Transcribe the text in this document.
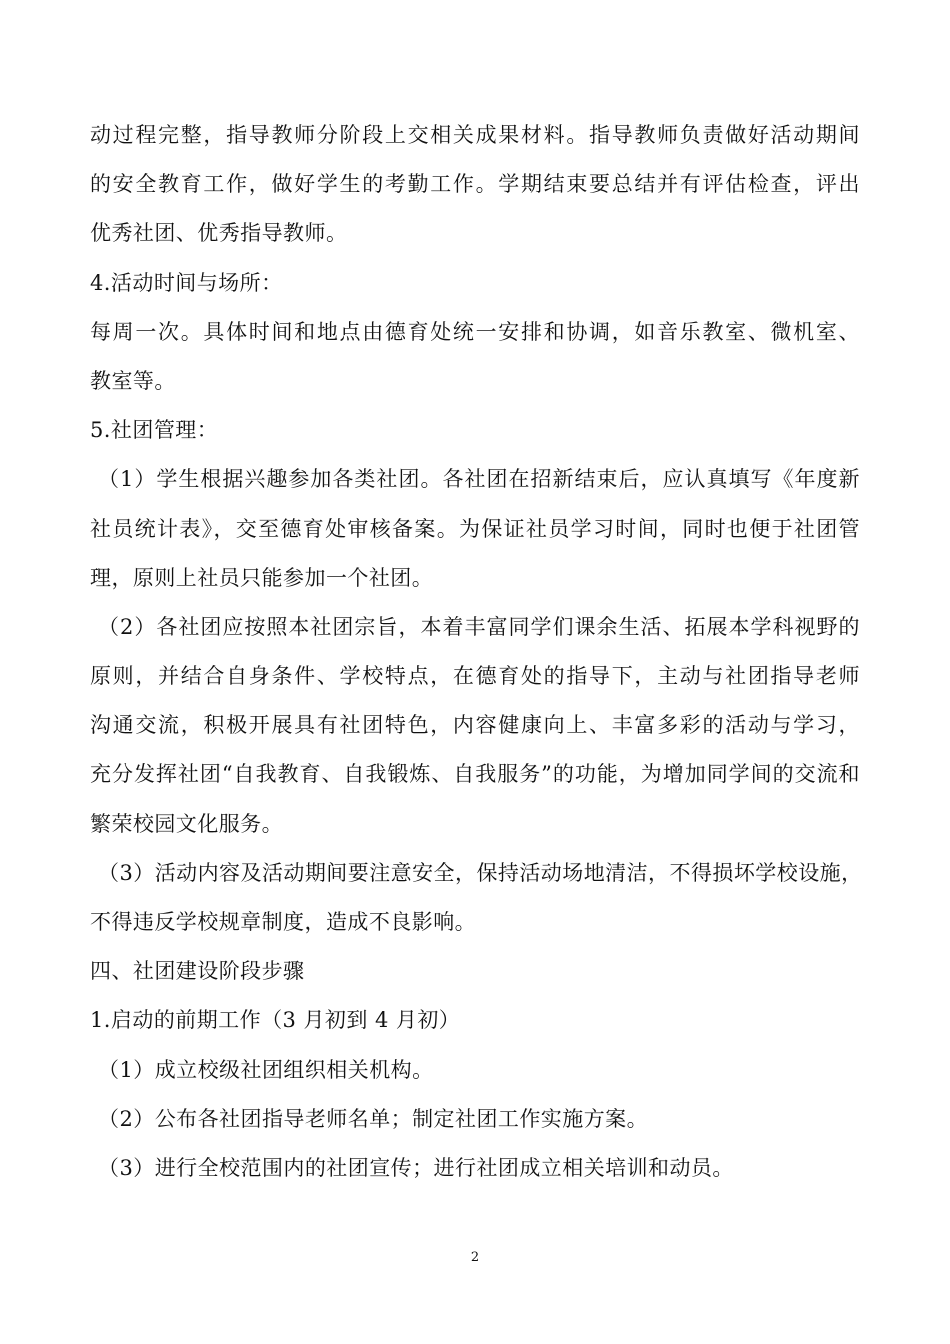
动过程完整，指导教师分阶段上交相关成果材料。指导教师负责做好活动期间
的安全教育工作，做好学生的考勤工作。学期结束要总结并有评估检查，评出
优秀社团、优秀指导教师。
4.活动时间与场所：
每周一次。具体时间和地点由德育处统一安排和协调，如音乐教室、微机室、
教室等。
5.社团管理：
（1）学生根据兴趣参加各类社团。各社团在招新结束后，应认真填写《年度新
社员统计表》，交至德育处审核备案。为保证社员学习时间，同时也便于社团管
理，原则上社员只能参加一个社团。
（2）各社团应按照本社团宗旨，本着丰富同学们课余生活、拓展本学科视野的
原则，并结合自身条件、学校特点，在德育处的指导下，主动与社团指导老师
沟通交流，积极开展具有社团特色，内容健康向上、丰富多彩的活动与学习，
充分发挥社团“自我教育、自我锻炼、自我服务”的功能，为增加同学间的交流和
繁荣校园文化服务。
（3）活动内容及活动期间要注意安全，保持活动场地清洁，不得损坏学校设施，
不得违反学校规章制度，造成不良影响。
四、社团建设阶段步骤
1.启动的前期工作（3 月初到 4 月初）
（1）成立校级社团组织相关机构。
（2）公布各社团指导老师名单；制定社团工作实施方案。
（3）进行全校范围内的社团宣传；进行社团成立相关培训和动员。
2
